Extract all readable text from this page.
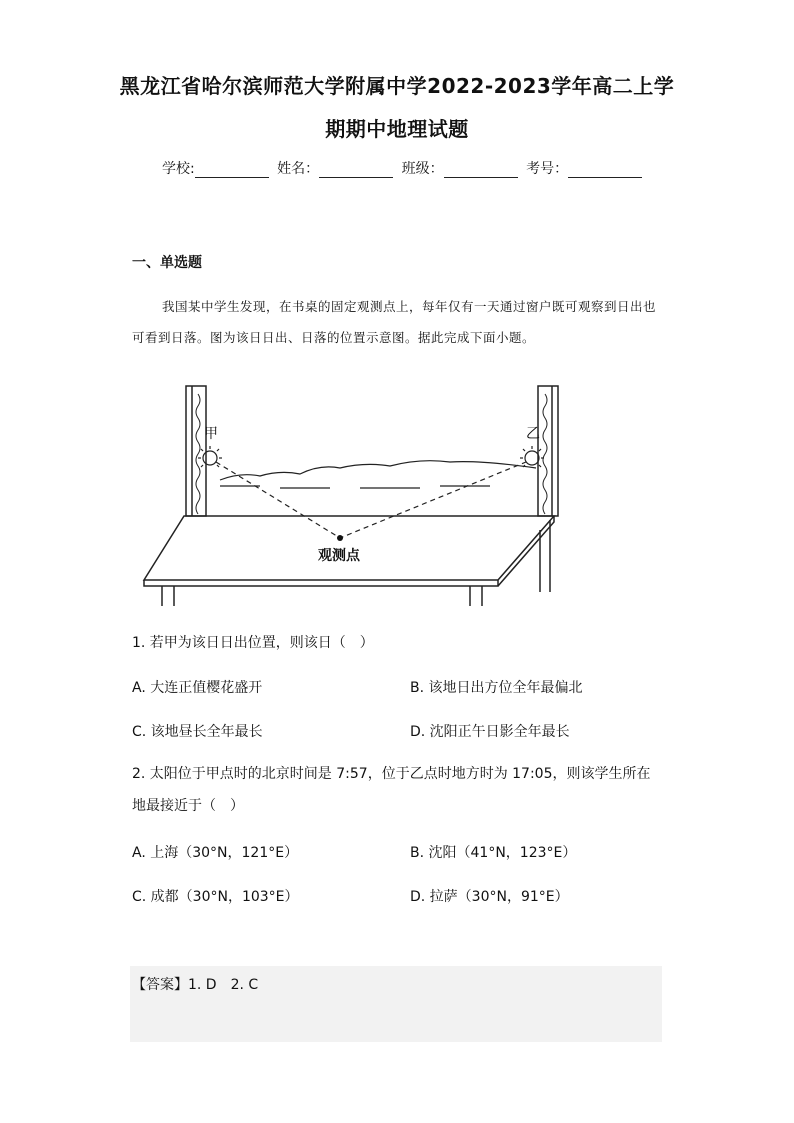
黑龙江省哈尔滨师范大学附属中学2022-2023学年高二上学
期期中地理试题
学校:	姓名：	班级：	考号：
一、单选题
我国某中学生发现，在书桌的固定观测点上，每年仅有一天通过窗户既可观察到日出也可看到日落。图为该日日出、日落的位置示意图。据此完成下面小题。
甲	乙
观测点
1. 若甲为该日日出位置，则该日（　）
A. 大连正值樱花盛开	B. 该地日出方位全年最偏北
C. 该地昼长全年最长	D. 沈阳正午日影全年最长
2. 太阳位于甲点时的北京时间是 7:57，位于乙点时地方时为 17:05，则该学生所在地最接近于（　）
A. 上海（30°N，121°E）	B. 沈阳（41°N，123°E）
C. 成都（30°N，103°E）	D. 拉萨（30°N，91°E）
【答案】1. D　2. C
